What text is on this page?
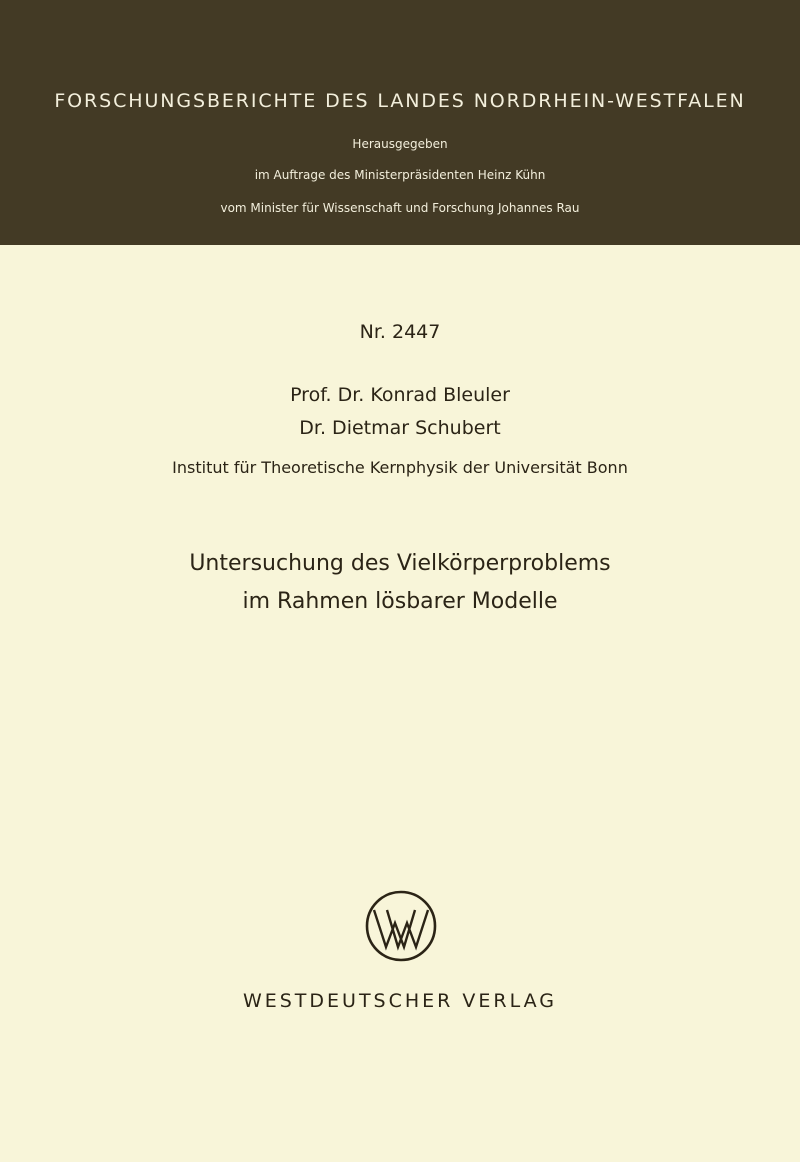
FORSCHUNGSBERICHTE DES LANDES NORDRHEIN-WESTFALEN
Herausgegeben
im Auftrage des Ministerpräsidenten Heinz Kühn
vom Minister für Wissenschaft und Forschung Johannes Rau
Nr. 2447
Prof. Dr. Konrad Bleuler
Dr. Dietmar Schubert
Institut für Theoretische Kernphysik der Universität Bonn
Untersuchung des Vielkörperproblems
im Rahmen lösbarer Modelle
WESTDEUTSCHER VERLAG
